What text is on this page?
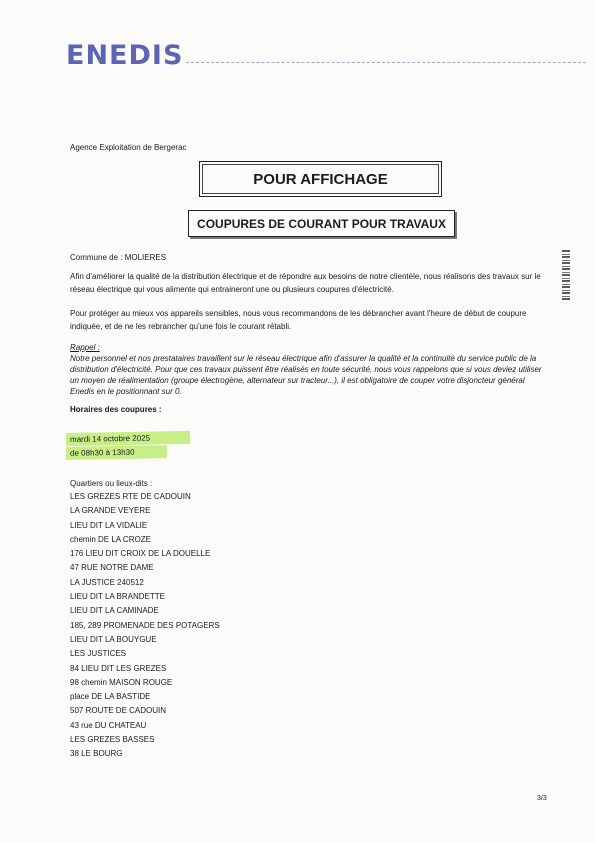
ENEDIS
Agence Exploitation de Bergerac
POUR AFFICHAGE
COUPURES DE COURANT POUR TRAVAUX
Commune de : MOLIERES
Afin d'améliorer la qualité de la distribution électrique et de répondre aux besoins de notre clientèle, nous réalisons des travaux sur le réseau électrique qui vous alimente qui entraineront une ou plusieurs coupures d'électricité.
Pour protéger au mieux vos appareils sensibles, nous vous recommandons de les débrancher avant l'heure de début de coupure indiquée, et de ne les rebrancher qu'une fois le courant rétabli.
Rappel :
Notre personnel et nos prestataires travaillent sur le réseau électrique afin d'assurer la qualité et la continuité du service public de la distribution d'électricité. Pour que ces travaux puissent être réalisés en toute sécurité, nous vous rappelons que si vous deviez utiliser un moyen de réalimentation (groupe électrogène, alternateur sur tracteur...), il est obligatoire de couper votre disjoncteur général Enedis en le positionnant sur 0.
Horaires des coupures :
mardi 14 octobre 2025
de 08h30 à 13h30
Quartiers ou lieux-dits :
LES GREZES RTE DE CADOUIN
LA GRANDE VEYERE
LIEU DIT LA VIDALIE
chemin DE LA CROZE
176 LIEU DIT CROIX DE LA DOUELLE
47 RUE NOTRE DAME
LA JUSTICE 240512
LIEU DIT LA BRANDETTE
LIEU DIT LA CAMINADE
185, 289 PROMENADE DES POTAGERS
LIEU DIT LA BOUYGUE
LES JUSTICES
84 LIEU DIT LES GREZES
98 chemin MAISON ROUGE
place DE LA BASTIDE
507 ROUTE DE CADOUIN
43 rue DU CHATEAU
LES GREZES BASSES
38 LE BOURG
3/3
